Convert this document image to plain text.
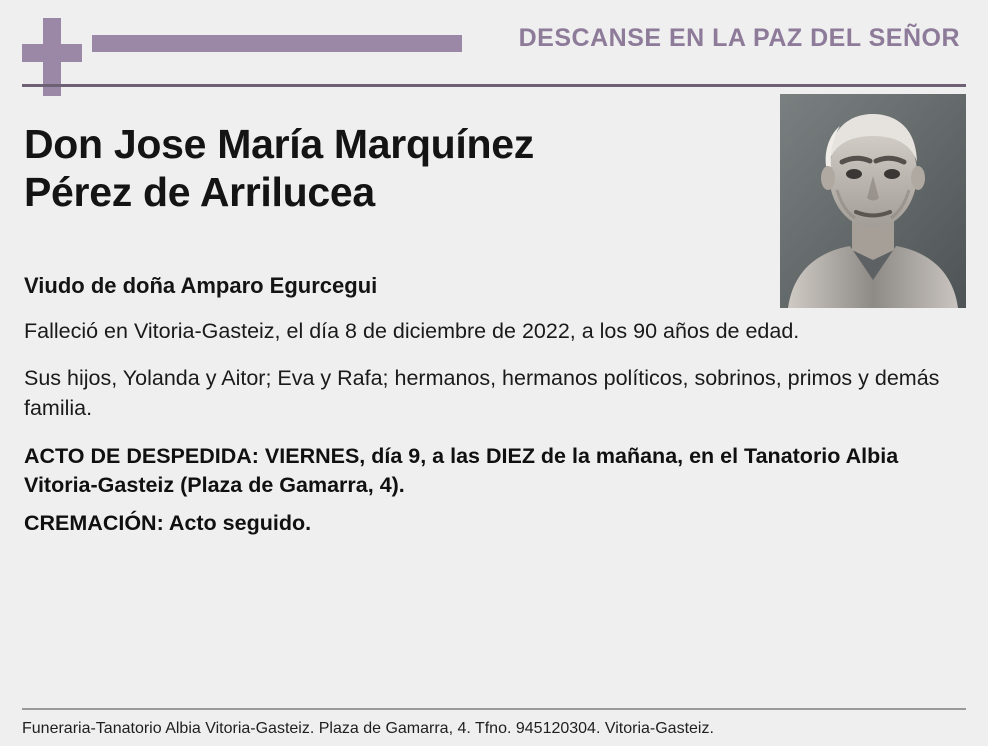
DESCANSE EN LA PAZ DEL SEÑOR
Don Jose María Marquínez
Pérez de Arrilucea
Viudo de doña Amparo Egurcegui
Falleció en Vitoria-Gasteiz, el día 8 de diciembre de 2022, a los 90 años de edad.
Sus hijos, Yolanda y Aitor; Eva y Rafa; hermanos, hermanos políticos, sobrinos, primos y demás familia.
ACTO DE DESPEDIDA: VIERNES, día 9, a las DIEZ de la mañana, en el Tanatorio Albia Vitoria-Gasteiz (Plaza de Gamarra, 4).
CREMACIÓN: Acto seguido.
Funeraria-Tanatorio Albia Vitoria-Gasteiz. Plaza de Gamarra, 4. Tfno. 945120304. Vitoria-Gasteiz.
